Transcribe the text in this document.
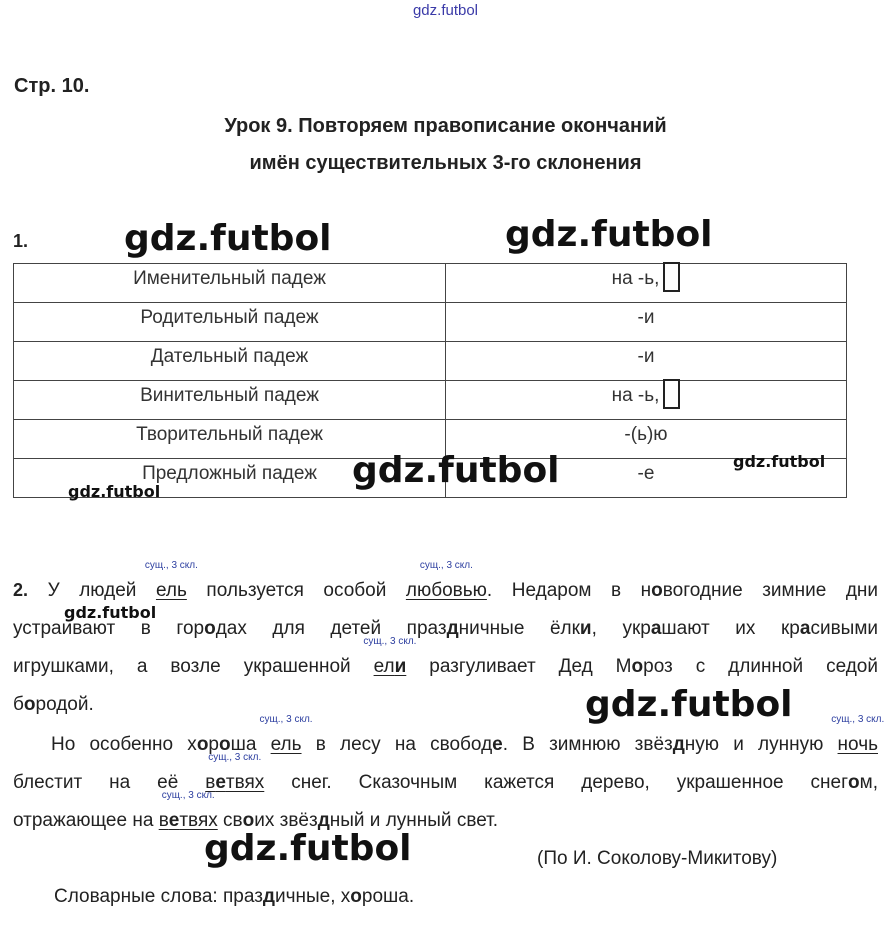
gdz.futbol
Стр. 10.
Урок 9. Повторяем правописание окончаний
имён существительных 3-го склонения
1.	gdz.futbol	gdz.futbol
Именительный падеж	на -ь,
Родительный падеж	-и
Дательный падеж	-и
Винительный падеж	на -ь,
Творительный падеж	-(ь)ю
Предложный падеж	-е
gdz.futbol	gdz.futbol
gdz.futbol
2. У людей
сущ., 3 скл.
ель пользуется особой
сущ., 3 скл.
любовью. Недаром в новогодние зимние дни
gdz.futbol
устраивают в городах для детей праздничные ёлки, украшают их красивыми
игрушками, а возле украшенной
сущ., 3 скл.
ели разгуливает Дед Мороз с длинной седой
бородой.	gdz.futbol
Но особенно хороша
сущ., 3 скл.
ель в лесу на свободе. В зимнюю звёздную и лунную
сущ., 3 скл.
ночь
блестит на её
сущ., 3 скл.
ветвях снег. Сказочным кажется дерево, украшенное снегом,
отражающее на
сущ., 3 скл.
ветвях своих звёздный и лунный свет.
gdz.futbol	(По И. Соколову-Микитову)
Словарные слова: праздичные, хороша.
